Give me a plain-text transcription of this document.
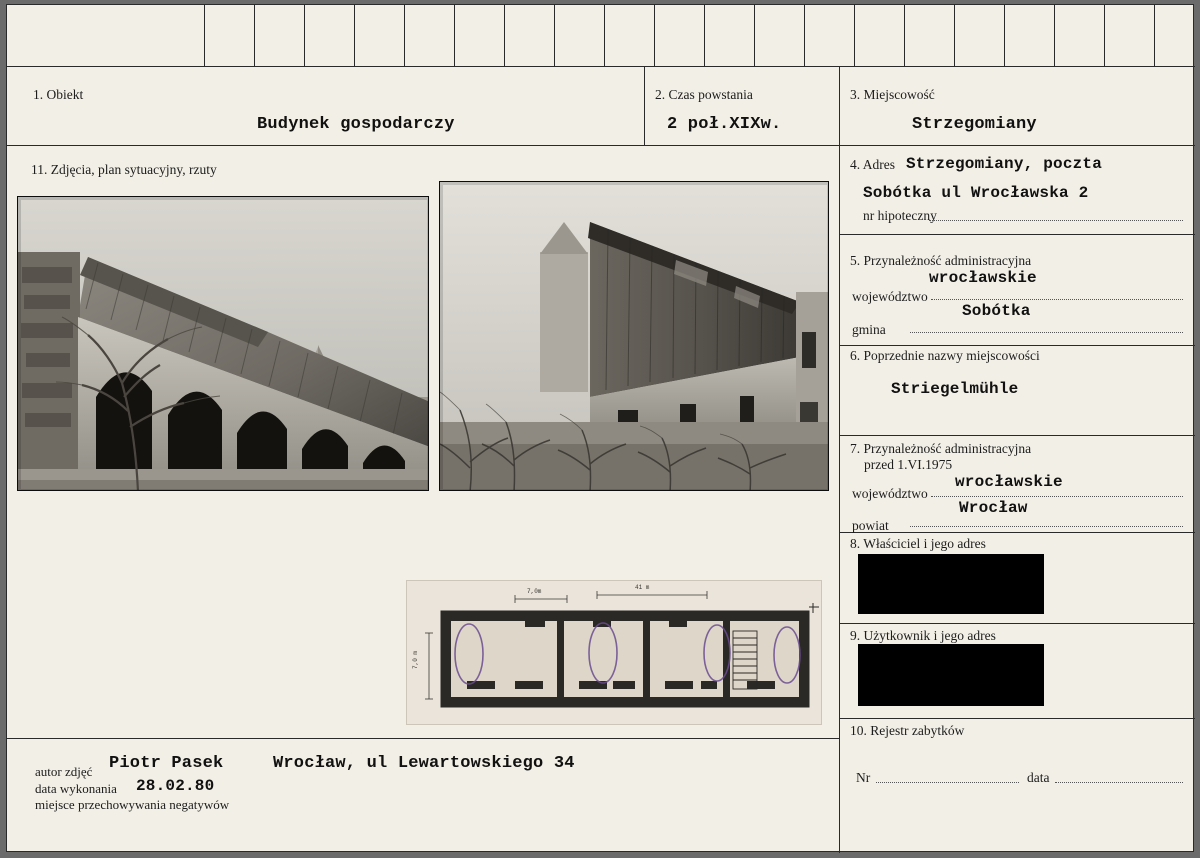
1. Obiekt
Budynek gospodarczy
2. Czas powstania
2 poł.XIXw.
3. Miejscowość
Strzegomiany
11. Zdjęcia, plan sytuacyjny, rzuty
7,0m
41 m
7,0 m
4. Adres Strzegomiany, poczta
Sobótka ul Wrocławska 2
nr hipoteczny
5. Przynależność administracyjna
wrocławskie
województwo
Sobótka
gmina
6. Poprzednie nazwy miejscowości
Striegelmühle
7. Przynależność administracyjna
przed 1.VI.1975
wrocławskie
województwo
Wrocław
powiat
8. Właściciel i jego adres
9. Użytkownik i jego adres
10. Rejestr zabytków
Nr	data
autor zdjęć Piotr Pasek
data wykonania 28.02.80
miejsce przechowywania negatywów
Wrocław, ul Lewartowskiego 34
